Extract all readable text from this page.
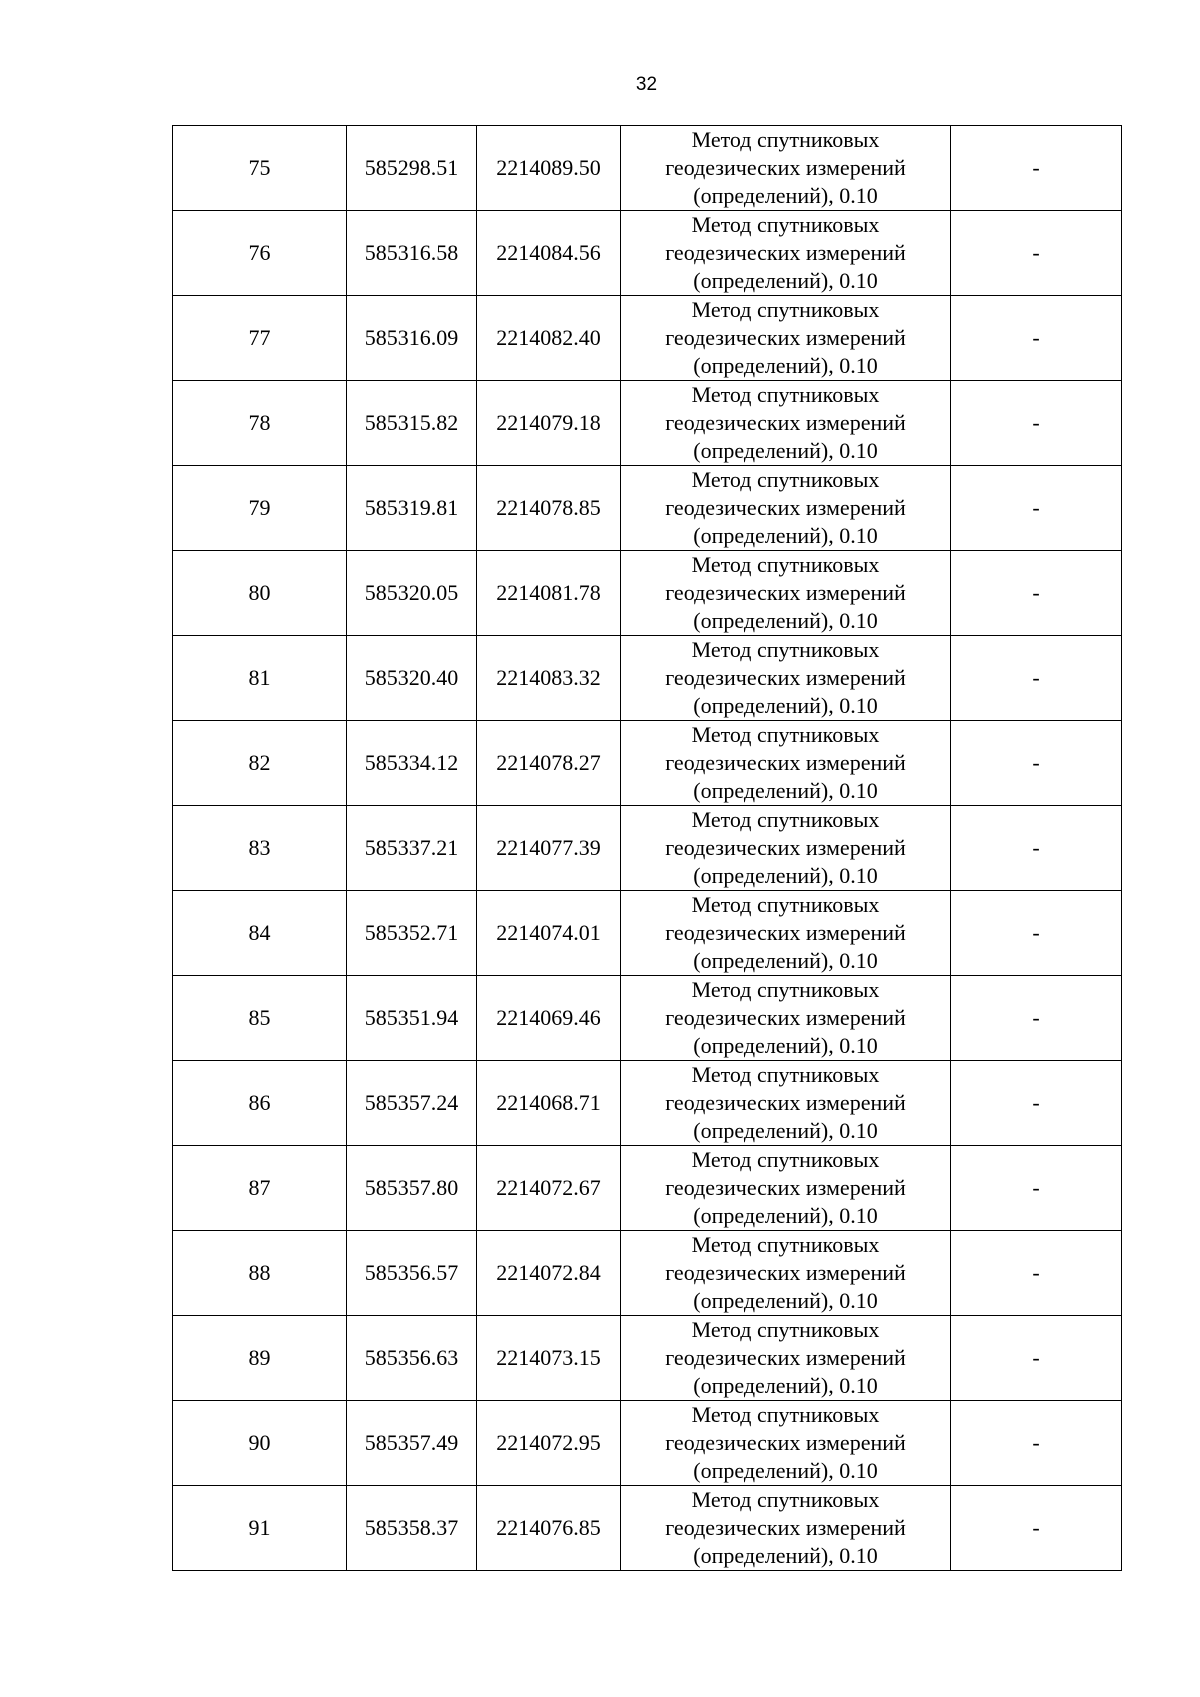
32
75	585298.51	2214089.50	Метод спутниковых
геодезических измерений
(определений), 0.10	-
76	585316.58	2214084.56	Метод спутниковых
геодезических измерений
(определений), 0.10	-
77	585316.09	2214082.40	Метод спутниковых
геодезических измерений
(определений), 0.10	-
78	585315.82	2214079.18	Метод спутниковых
геодезических измерений
(определений), 0.10	-
79	585319.81	2214078.85	Метод спутниковых
геодезических измерений
(определений), 0.10	-
80	585320.05	2214081.78	Метод спутниковых
геодезических измерений
(определений), 0.10	-
81	585320.40	2214083.32	Метод спутниковых
геодезических измерений
(определений), 0.10	-
82	585334.12	2214078.27	Метод спутниковых
геодезических измерений
(определений), 0.10	-
83	585337.21	2214077.39	Метод спутниковых
геодезических измерений
(определений), 0.10	-
84	585352.71	2214074.01	Метод спутниковых
геодезических измерений
(определений), 0.10	-
85	585351.94	2214069.46	Метод спутниковых
геодезических измерений
(определений), 0.10	-
86	585357.24	2214068.71	Метод спутниковых
геодезических измерений
(определений), 0.10	-
87	585357.80	2214072.67	Метод спутниковых
геодезических измерений
(определений), 0.10	-
88	585356.57	2214072.84	Метод спутниковых
геодезических измерений
(определений), 0.10	-
89	585356.63	2214073.15	Метод спутниковых
геодезических измерений
(определений), 0.10	-
90	585357.49	2214072.95	Метод спутниковых
геодезических измерений
(определений), 0.10	-
91	585358.37	2214076.85	Метод спутниковых
геодезических измерений
(определений), 0.10	-
